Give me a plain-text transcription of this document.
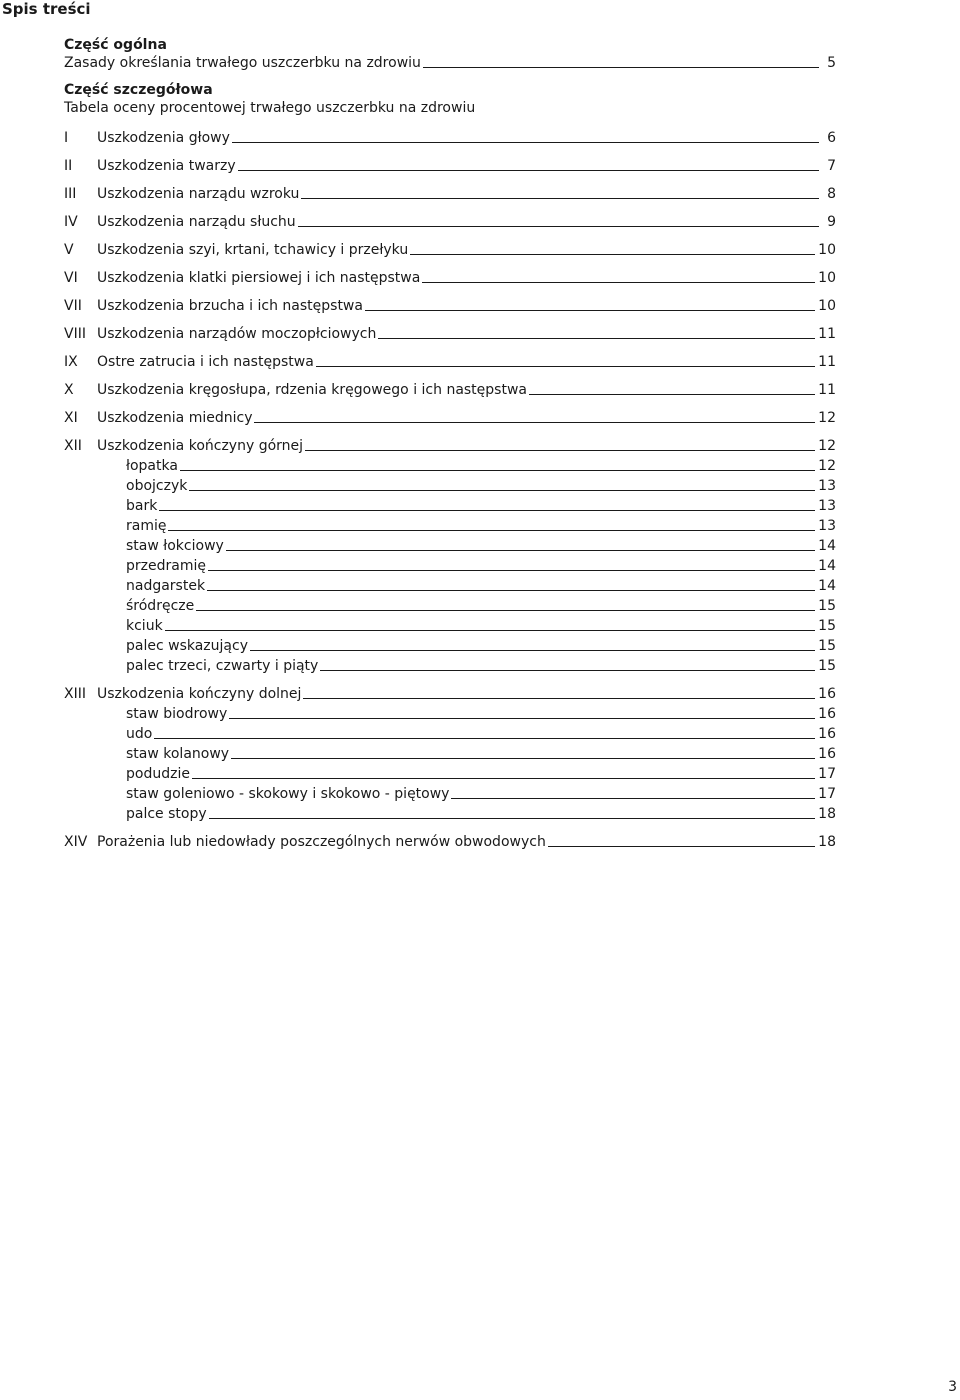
Spis treści
Część ogólna
Zasady określania trwałego uszczerbku na zdrowiu	5
Część szczegółowa
Tabela oceny procentowej trwałego uszczerbku na zdrowiu
I	Uszkodzenia głowy	6
II	Uszkodzenia twarzy	7
III	Uszkodzenia narządu wzroku	8
IV	Uszkodzenia narządu słuchu	9
V	Uszkodzenia szyi, krtani, tchawicy i przełyku	10
VI	Uszkodzenia klatki piersiowej i ich następstwa	10
VII	Uszkodzenia brzucha i ich następstwa	10
VIII Uszkodzenia narządów moczopłciowych	11
IX	Ostre zatrucia i ich następstwa	11
X	Uszkodzenia kręgosłupa, rdzenia kręgowego i ich następstwa	11
XI	Uszkodzenia miednicy	12
XII	Uszkodzenia kończyny górnej	12
łopatka	12
obojczyk	13
bark	13
ramię	13
staw łokciowy	14
przedramię	14
nadgarstek	14
śródręcze	15
kciuk	15
palec wskazujący	15
palec trzeci, czwarty i piąty	15
XIII Uszkodzenia kończyny dolnej	16
staw biodrowy	16
udo	16
staw kolanowy	16
podudzie	17
staw goleniowo - skokowy i skokowo - piętowy	17
palce stopy	18
XIV Porażenia lub niedowłady poszczególnych nerwów obwodowych	18
3
